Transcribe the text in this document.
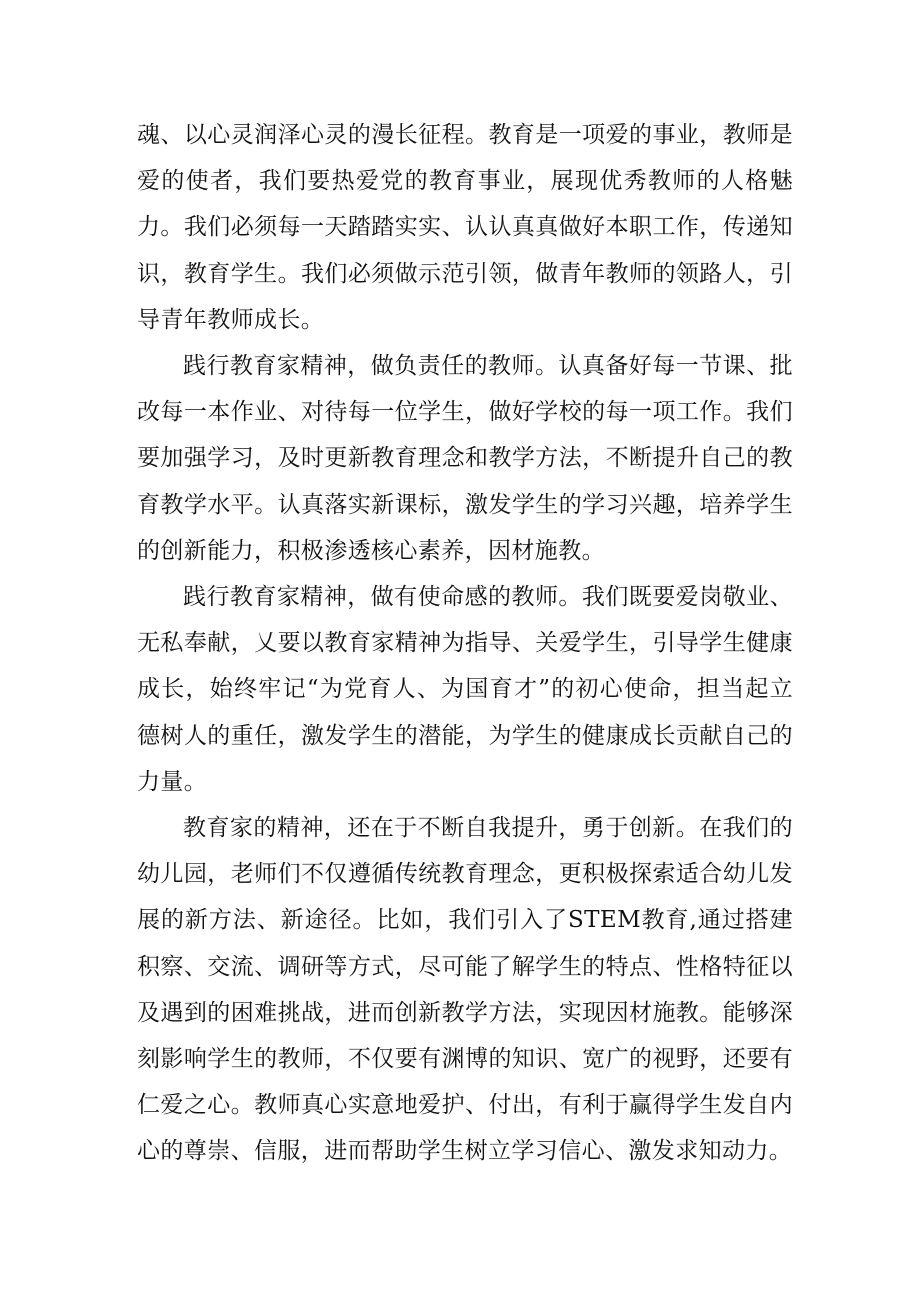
魂、以心灵润泽心灵的漫长征程。教育是一项爱的事业，教师是爱的使者，我们要热爱党的教育事业，展现优秀教师的人格魅力。我们必须每一天踏踏实实、认认真真做好本职工作，传递知识，教育学生。我们必须做示范引领，做青年教师的领路人，引导青年教师成长。

践行教育家精神，做负责任的教师。认真备好每一节课、批改每一本作业、对待每一位学生，做好学校的每一项工作。我们要加强学习，及时更新教育理念和教学方法，不断提升自己的教育教学水平。认真落实新课标，激发学生的学习兴趣，培养学生的创新能力，积极渗透核心素养，因材施教。

践行教育家精神，做有使命感的教师。我们既要爱岗敬业、无私奉献，乂要以教育家精神为指导、关爱学生，引导学生健康成长，始终牢记“为党育人、为国育才”的初心使命，担当起立德树人的重任，激发学生的潜能，为学生的健康成长贡献自己的力量。

教育家的精神，还在于不断自我提升，勇于创新。在我们的幼儿园，老师们不仅遵循传统教育理念，更积极探索适合幼儿发展的新方法、新途径。比如，我们引入了STEM教育,通过搭建积察、交流、调研等方式，尽可能了解学生的特点、性格特征以及遇到的困难挑战，进而创新教学方法，实现因材施教。能够深刻影响学生的教师，不仅要有渊博的知识、宽广的视野，还要有仁爱之心。教师真心实意地爱护、付出，有利于赢得学生发自内心的尊崇、信服，进而帮助学生树立学习信心、激发求知动力。
